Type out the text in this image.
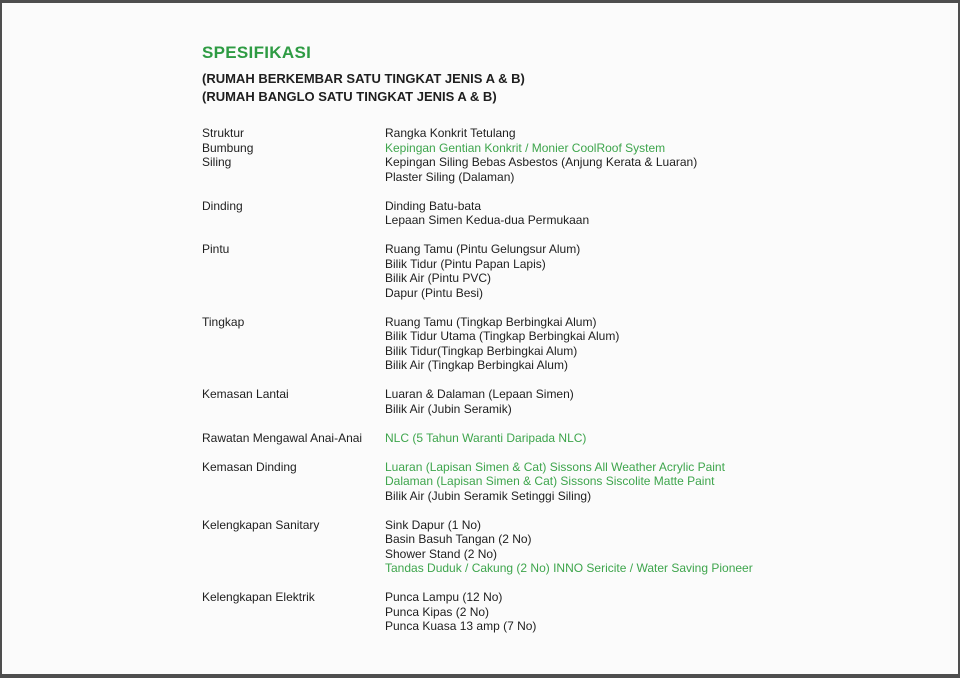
SPESIFIKASI
(RUMAH BERKEMBAR SATU TINGKAT JENIS A & B)
(RUMAH BANGLO SATU TINGKAT JENIS A & B)
Struktur	Rangka Konkrit Tetulang
Bumbung	Kepingan Gentian Konkrit / Monier CoolRoof System
Siling	Kepingan Siling Bebas Asbestos (Anjung Kerata & Luaran)
Plaster Siling (Dalaman)
Dinding	Dinding Batu-bata
Lepaan Simen Kedua-dua Permukaan
Pintu	Ruang Tamu (Pintu Gelungsur Alum)
Bilik Tidur (Pintu Papan Lapis)
Bilik Air (Pintu PVC)
Dapur (Pintu Besi)
Tingkap	Ruang Tamu (Tingkap Berbingkai Alum)
Bilik Tidur Utama (Tingkap Berbingkai Alum)
Bilik Tidur(Tingkap Berbingkai Alum)
Bilik Air (Tingkap Berbingkai Alum)
Kemasan Lantai	Luaran & Dalaman (Lepaan Simen)
Bilik Air (Jubin Seramik)
Rawatan Mengawal Anai-Anai	NLC (5 Tahun Waranti Daripada NLC)
Kemasan Dinding	Luaran (Lapisan Simen & Cat) Sissons All Weather Acrylic Paint
Dalaman (Lapisan Simen & Cat) Sissons Siscolite Matte Paint
Bilik Air (Jubin Seramik Setinggi Siling)
Kelengkapan Sanitary	Sink Dapur (1 No)
Basin Basuh Tangan (2 No)
Shower Stand (2 No)
Tandas Duduk / Cakung (2 No) INNO Sericite / Water Saving Pioneer
Kelengkapan Elektrik	Punca Lampu (12 No)
Punca Kipas (2 No)
Punca Kuasa 13 amp (7 No)
